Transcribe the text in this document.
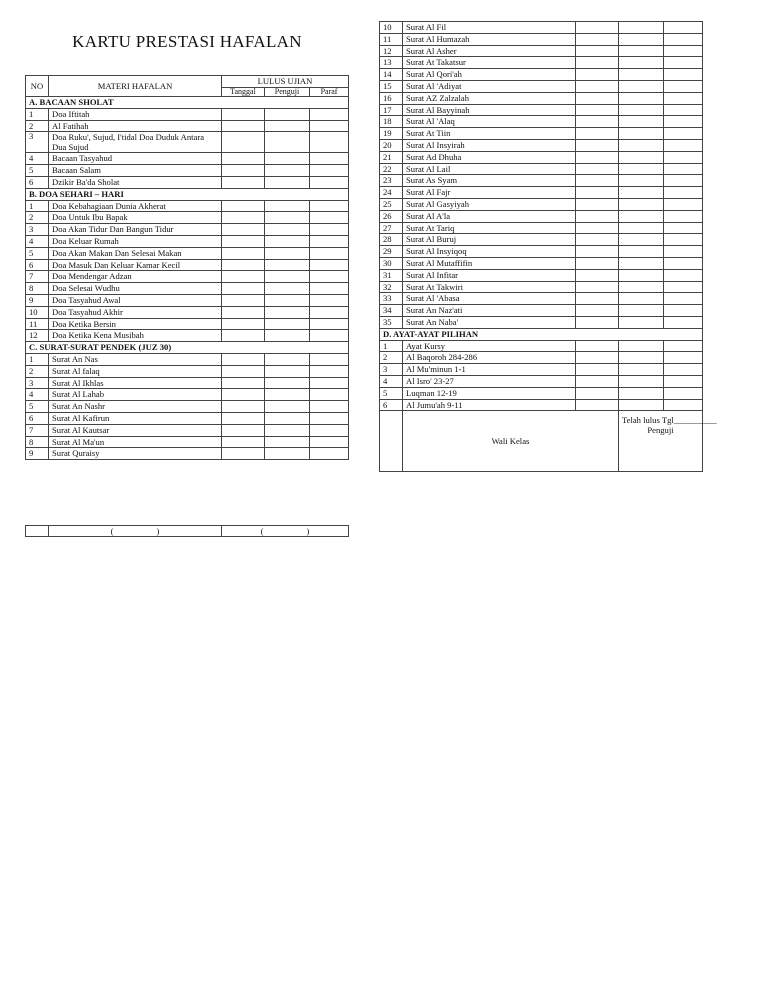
KARTU PRESTASI HAFALAN
NO	MATERI HAFALAN	LULUS UJIAN		
		Tanggal	Penguji	Paraf
A. BACAAN SHOLAT				
1	Doa Iftitah			
2	Al Fatihah			
3	Doa Ruku', Sujud, I'tidal Doa Duduk Antara Dua Sujud			
4	Bacaan Tasyahud			
5	Bacaan Salam			
6	Dzikir Ba'da Sholat			
B. DOA SEHARI – HARI				
1	Doa Kebahagiaan Dunia Akherat			
2	Doa Untuk Ibu Bapak			
3	Doa Akan Tidur Dan Bangun Tidur			
4	Doa Keluar Rumah			
5	Doa Akan Makan Dan Selesai Makan			
6	Doa Masuk Dan Keluar Kamar Kecil			
7	Doa Mendengar Adzan			
8	Doa Selesai Wudhu			
9	Doa Tasyahud Awal			
10	Doa Tasyahud Akhir			
11	Doa Ketika Bersin			
12	Doa Ketika Kena Musibah			
C. SURAT-SURAT PENDEK (JUZ 30)				
1	Surat An Nas			
2	Surat Al falaq			
3	Surat Al Ikhlas			
4	Surat Al Lahab			
5	Surat An Nashr			
6	Surat Al Kafirun			
7	Surat Al Kautsar			
8	Surat Al Ma'un			
9	Surat Quraisy			
	(                    )	(                    )
10	Surat Al Fil			
11	Surat Al Humazah			
12	Surat Al Asher			
13	Surat At Takatsur			
14	Surat Al Qori'ah			
15	Surat Al 'Adiyat			
16	Surat AZ Zalzalah			
17	Surat Al Bayyinah			
18	Surat Al 'Alaq			
19	Surat At Tiin			
20	Surat Al Insyirah			
21	Surat Ad Dhuha			
22	Surat Al Lail			
23	Surat As Syam			
24	Surat Al Fajr			
25	Surat Al Gasyiyah			
26	Surat Al A'la			
27	Surat At Tariq			
28	Surat Al Buruj			
29	Surat Al Insyiqoq			
30	Surat Al Mutaffifin			
31	Surat Al Infitar			
32	Surat At Takwiri			
33	Surat Al 'Abasa			
34	Surat An Naz'ati			
35	Surat An Naba'			
D. AYAT-AYAT PILIHAN				
1	Ayat Kursy			
2	Al Baqoroh 284-286			
3	Al Mu'minun 1-1			
4	Al Isro' 23-27			
5	Luqman 12-19			
6	Al Jumu'ah 9-11			
	Wali Kelas		Telah lulus Tgl__________
Penguji	
